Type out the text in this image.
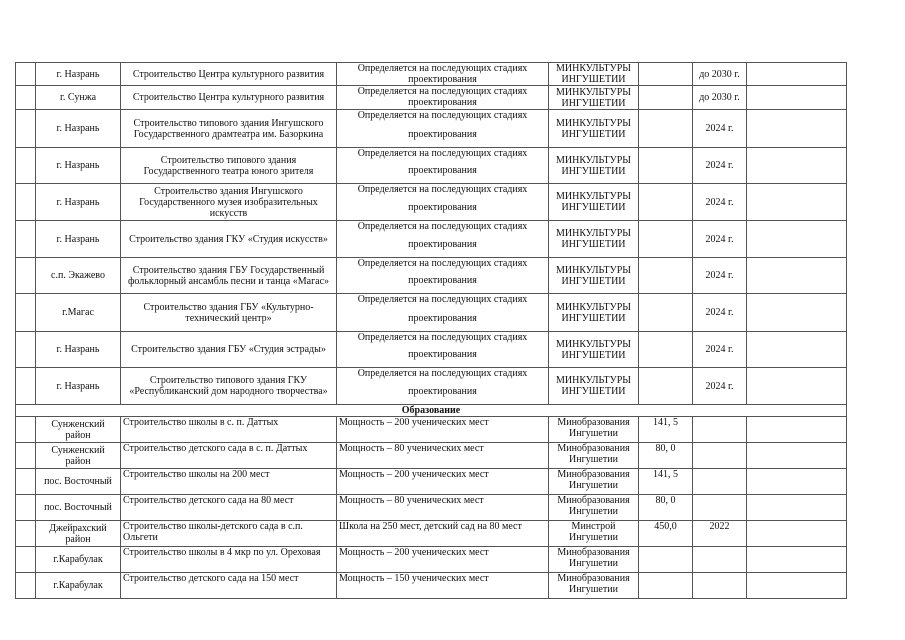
	г. Назрань	Строительство Центра культурного развития	Определяется на последующих стадиях
проектирования	МИНКУЛЬТУРЫ ИНГУШЕТИИ		до 2030 г.	
	г. Сунжа	Строительство Центра культурного развития	Определяется на последующих стадиях
проектирования	МИНКУЛЬТУРЫ ИНГУШЕТИИ		до 2030 г.	
	г. Назрань	Строительство типового здания Ингушского Государственного драмтеатра им. Базоркина	Определяется на последующих стадиях
проектирования	МИНКУЛЬТУРЫ ИНГУШЕТИИ		2024 г.	
	г. Назрань	Строительство типового здания Государственного театра юного зрителя	Определяется на последующих стадиях
проектирования	МИНКУЛЬТУРЫ ИНГУШЕТИИ		2024 г.	
	г. Назрань	Строительство здания Ингушского Государственного музея изобразительных искусств	Определяется на последующих стадиях
проектирования	МИНКУЛЬТУРЫ ИНГУШЕТИИ		2024 г.	
	г. Назрань	Строительство здания ГКУ «Студия искусств»	Определяется на последующих стадиях
проектирования	МИНКУЛЬТУРЫ ИНГУШЕТИИ		2024 г.	
	с.п. Экажево	Строительство здания ГБУ Государственный фольклорный ансамбль песни и танца «Магас»	Определяется на последующих стадиях
проектирования	МИНКУЛЬТУРЫ ИНГУШЕТИИ		2024 г.	
	г.Магас	Строительство здания ГБУ «Культурно-технический центр»	Определяется на последующих стадиях
проектирования	МИНКУЛЬТУРЫ ИНГУШЕТИИ		2024 г.	
	г. Назрань	Строительство здания ГБУ «Студия эстрады»	Определяется на последующих стадиях
проектирования	МИНКУЛЬТУРЫ ИНГУШЕТИИ		2024 г.	
	г. Назрань	Строительство типового здания ГКУ «Республиканский дом народного творчества»	Определяется на последующих стадиях
проектирования	МИНКУЛЬТУРЫ ИНГУШЕТИИ		2024 г.	
Образование							
	Сунженский район	Строительство школы в с. п. Даттых	Мощность – 200 ученических мест	Минобразования Ингушетии	141, 5		
	Сунженский район	Строительство детского сада в с. п. Даттых	Мощность – 80 ученических мест	Минобразования Ингушетии	80, 0		
	пос. Восточный	Строительство школы на 200 мест	Мощность – 200 ученических мест	Минобразования Ингушетии	141, 5		
	пос. Восточный	Строительство детского сада на 80 мест	Мощность – 80 ученических мест	Минобразования Ингушетии	80, 0		
	Джейрахский район	Строительство школы-детского сада в с.п. Ольгети	Школа на 250 мест, детский сад на 80 мест	Минстрой Ингушетии	450,0	2022	
	г.Карабулак	Строительство школы в 4 мкр по ул. Ореховая	Мощность – 200 ученических мест	Минобразования Ингушетии			
	г.Карабулак	Строительство детского сада на 150 мест	Мощность – 150 ученических мест	Минобразования Ингушетии			
